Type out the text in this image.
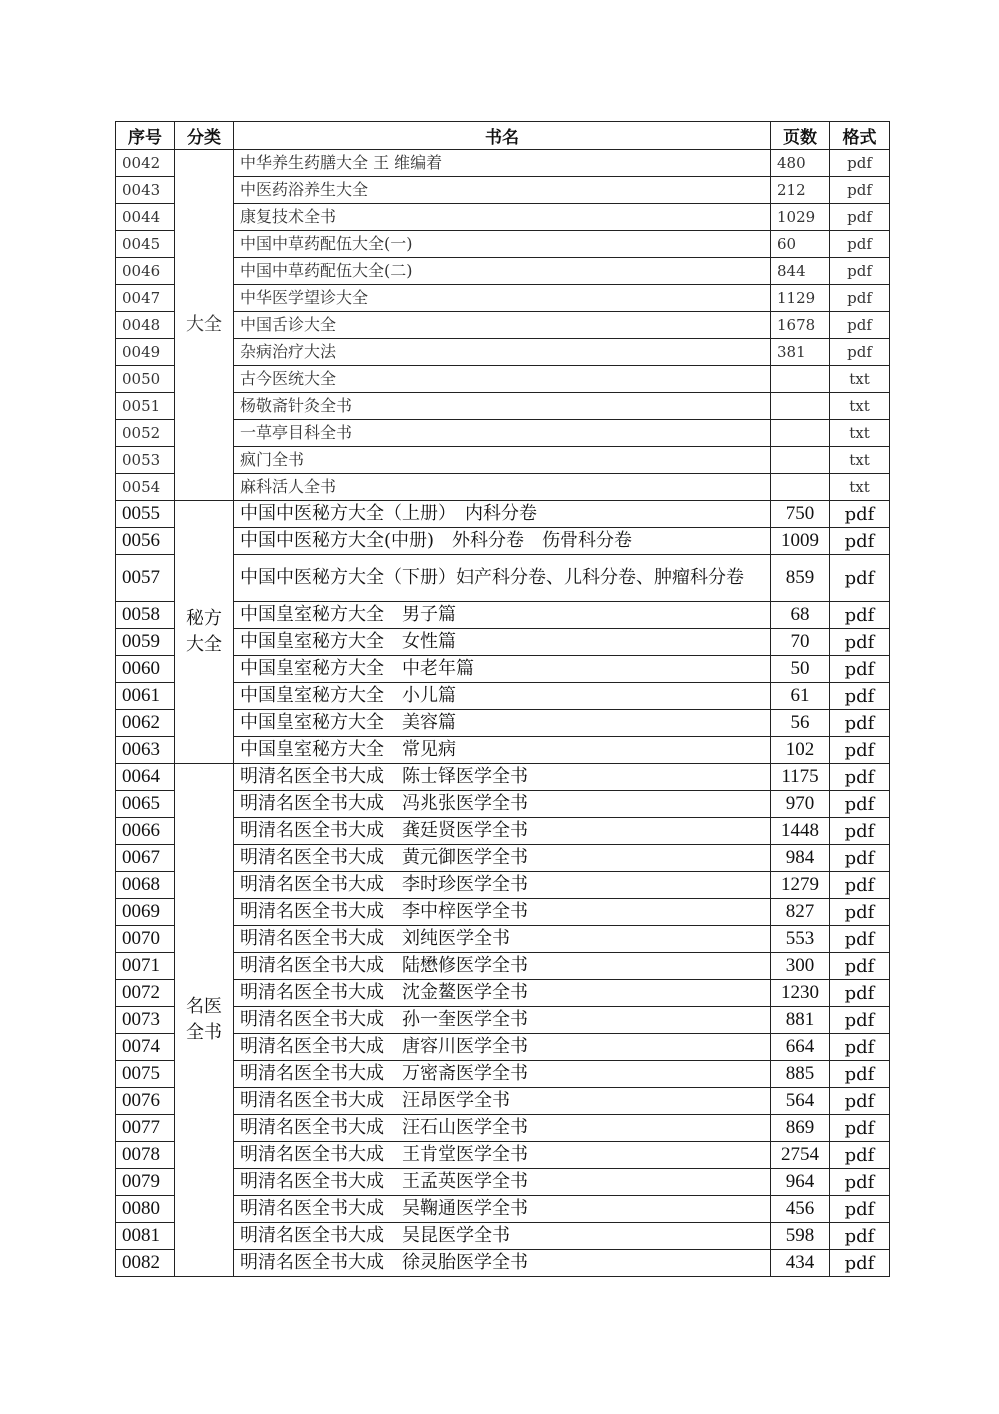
序号	分类	书名	页数	格式
0042	大全	中华养生药膳大全 王 维编着	480	pdf
0043		中医药浴养生大全	212	pdf
0044		康复技术全书	1029	pdf
0045		中国中草药配伍大全(一)	60	pdf
0046		中国中草药配伍大全(二)	844	pdf
0047		中华医学望诊大全	1129	pdf
0048		中国舌诊大全	1678	pdf
0049		杂病治疗大法	381	pdf
0050		古今医统大全		txt
0051		杨敬斋针灸全书		txt
0052		一草亭目科全书		txt
0053		疯门全书		txt
0054		麻科活人全书		txt
0055	秘方大全	中国中医秘方大全（上册）　内科分卷	750	pdf
0056		中国中医秘方大全(中册)　外科分卷　伤骨科分卷	1009	pdf
0057		中国中医秘方大全（下册）妇产科分卷、儿科分卷、肿瘤科分卷	859	pdf
0058		中国皇室秘方大全　男子篇	68	pdf
0059		中国皇室秘方大全　女性篇	70	pdf
0060		中国皇室秘方大全　中老年篇	50	pdf
0061		中国皇室秘方大全　小儿篇	61	pdf
0062		中国皇室秘方大全　美容篇	56	pdf
0063		中国皇室秘方大全　常见病	102	pdf
0064	名医全书	明清名医全书大成　陈士铎医学全书	1175	pdf
0065		明清名医全书大成　冯兆张医学全书	970	pdf
0066		明清名医全书大成　龚廷贤医学全书	1448	pdf
0067		明清名医全书大成　黄元御医学全书	984	pdf
0068		明清名医全书大成　李时珍医学全书	1279	pdf
0069		明清名医全书大成　李中梓医学全书	827	pdf
0070		明清名医全书大成　刘纯医学全书	553	pdf
0071		明清名医全书大成　陆懋修医学全书	300	pdf
0072		明清名医全书大成　沈金鳌医学全书	1230	pdf
0073		明清名医全书大成　孙一奎医学全书	881	pdf
0074		明清名医全书大成　唐容川医学全书	664	pdf
0075		明清名医全书大成　万密斋医学全书	885	pdf
0076		明清名医全书大成　汪昂医学全书	564	pdf
0077		明清名医全书大成　汪石山医学全书	869	pdf
0078		明清名医全书大成　王肯堂医学全书	2754	pdf
0079		明清名医全书大成　王孟英医学全书	964	pdf
0080		明清名医全书大成　吴鞠通医学全书	456	pdf
0081		明清名医全书大成　吴昆医学全书	598	pdf
0082		明清名医全书大成　徐灵胎医学全书	434	pdf
